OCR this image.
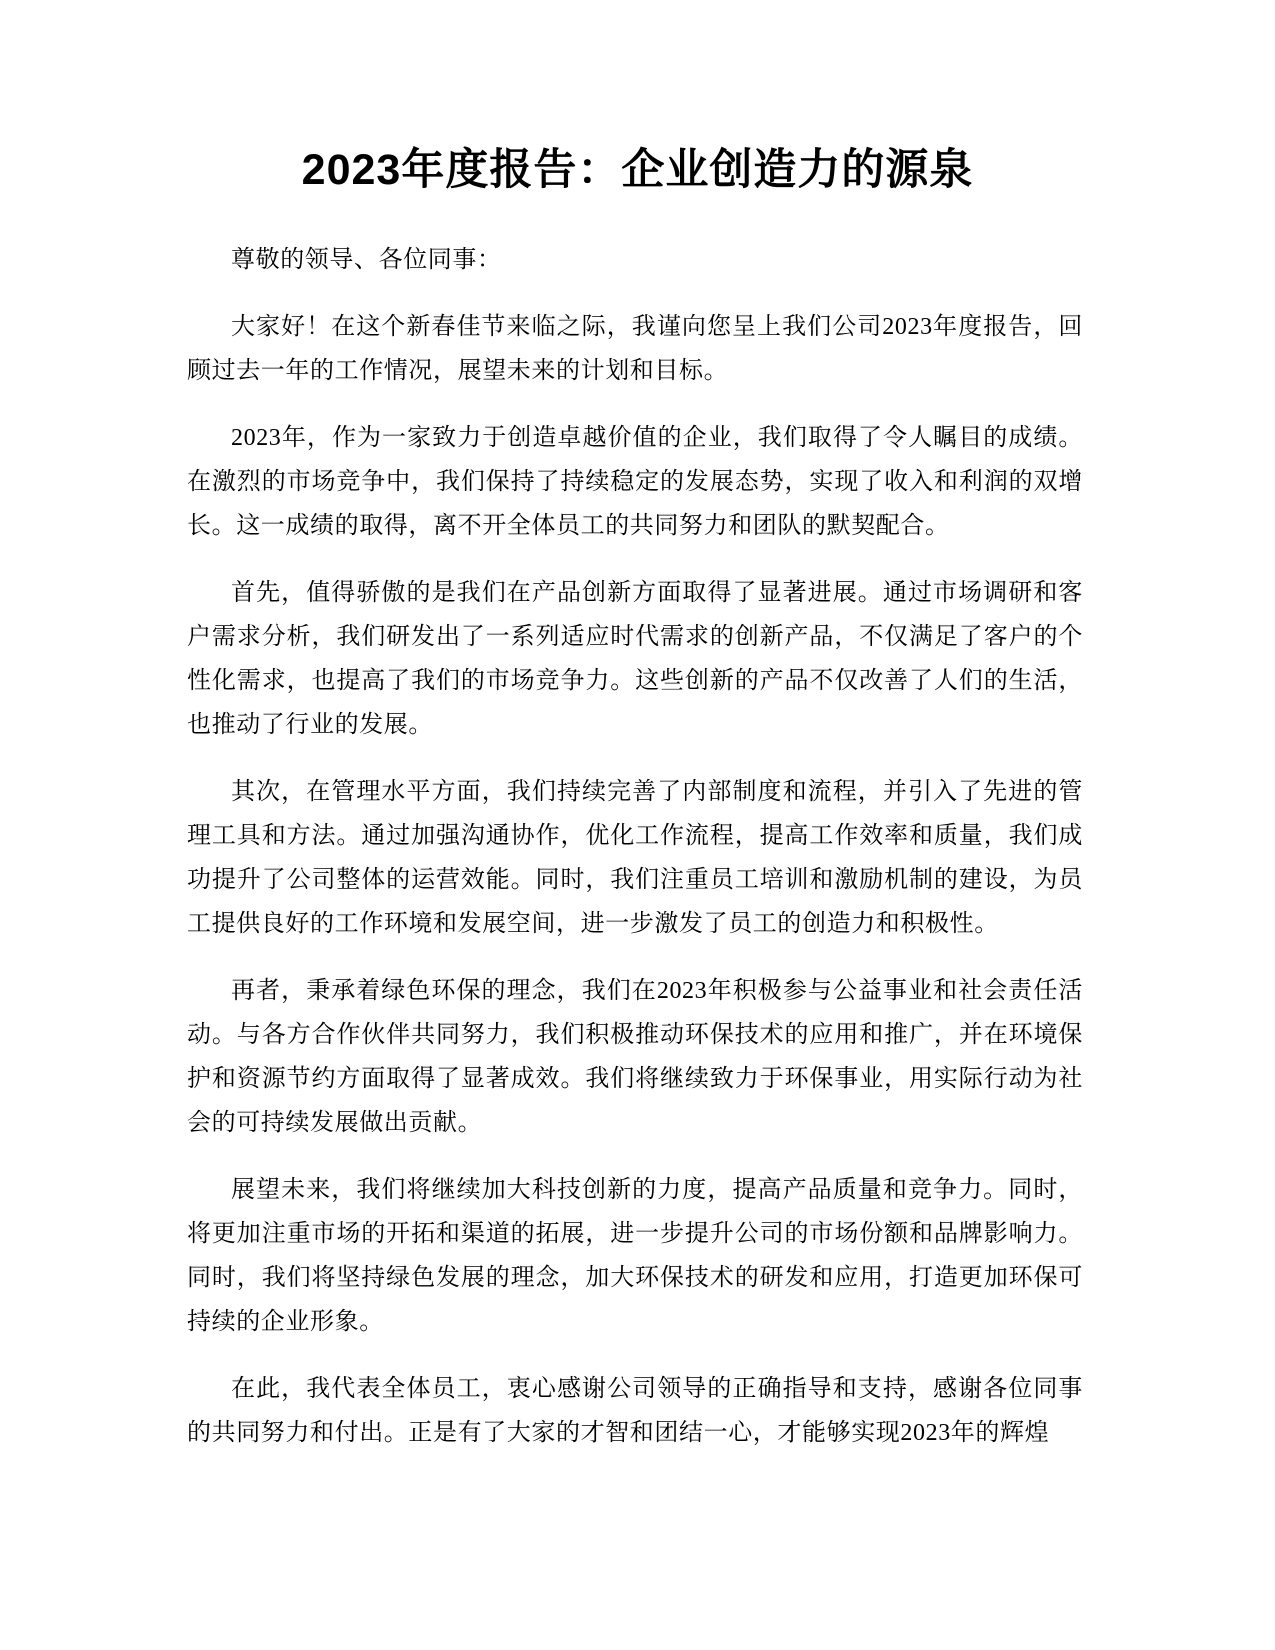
2023年度报告：企业创造力的源泉

尊敬的领导、各位同事：

大家好！在这个新春佳节来临之际，我谨向您呈上我们公司2023年度报告，回顾过去一年的工作情况，展望未来的计划和目标。

2023年，作为一家致力于创造卓越价值的企业，我们取得了令人瞩目的成绩。在激烈的市场竞争中，我们保持了持续稳定的发展态势，实现了收入和利润的双增长。这一成绩的取得，离不开全体员工的共同努力和团队的默契配合。

首先，值得骄傲的是我们在产品创新方面取得了显著进展。通过市场调研和客户需求分析，我们研发出了一系列适应时代需求的创新产品，不仅满足了客户的个性化需求，也提高了我们的市场竞争力。这些创新的产品不仅改善了人们的生活，也推动了行业的发展。

其次，在管理水平方面，我们持续完善了内部制度和流程，并引入了先进的管理工具和方法。通过加强沟通协作，优化工作流程，提高工作效率和质量，我们成功提升了公司整体的运营效能。同时，我们注重员工培训和激励机制的建设，为员工提供良好的工作环境和发展空间，进一步激发了员工的创造力和积极性。

再者，秉承着绿色环保的理念，我们在2023年积极参与公益事业和社会责任活动。与各方合作伙伴共同努力，我们积极推动环保技术的应用和推广，并在环境保护和资源节约方面取得了显著成效。我们将继续致力于环保事业，用实际行动为社会的可持续发展做出贡献。

展望未来，我们将继续加大科技创新的力度，提高产品质量和竞争力。同时，将更加注重市场的开拓和渠道的拓展，进一步提升公司的市场份额和品牌影响力。同时，我们将坚持绿色发展的理念，加大环保技术的研发和应用，打造更加环保可持续的企业形象。

在此，我代表全体员工，衷心感谢公司领导的正确指导和支持，感谢各位同事的共同努力和付出。正是有了大家的才智和团结一心，才能够实现2023年的辉煌
